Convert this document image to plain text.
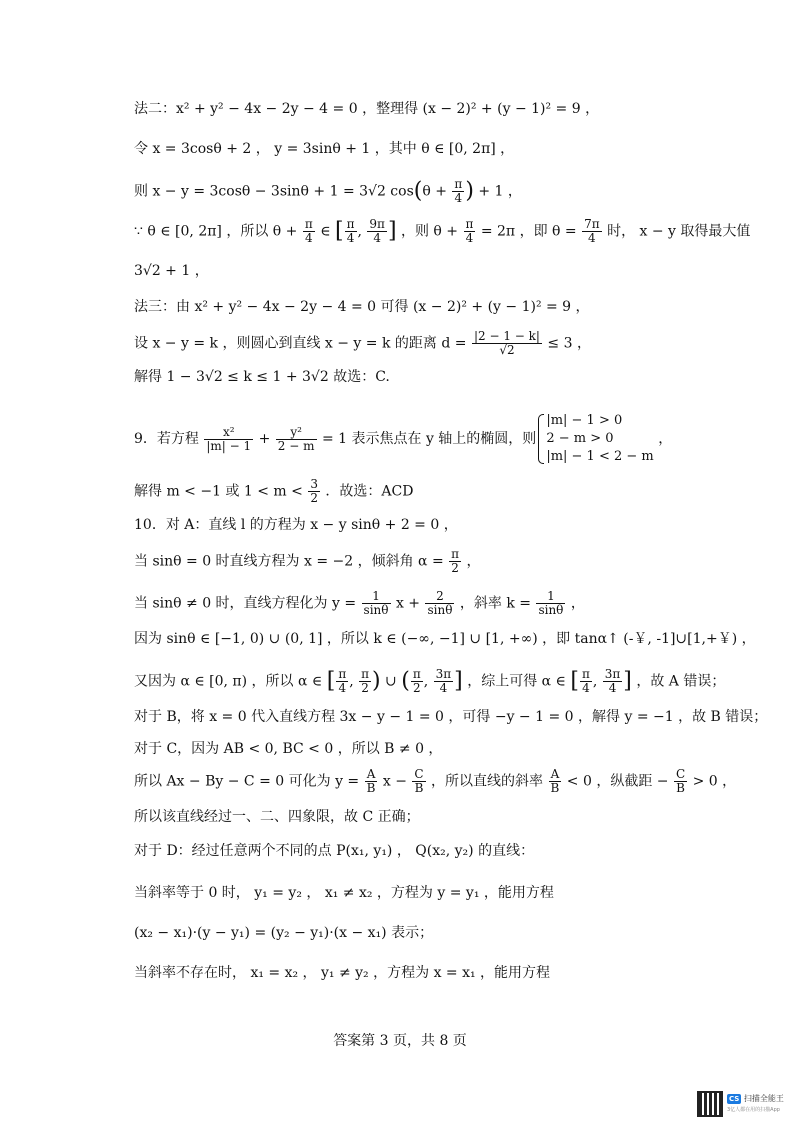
法二：x² + y² − 4x − 2y − 4 = 0 ，整理得 (x − 2)² + (y − 1)² = 9 ，
令 x = 3cosθ + 2 ， y = 3sinθ + 1 ，其中 θ ∈ [0, 2π] ，
则 x − y = 3cosθ − 3sinθ + 1 = 3√2 $\cos(\theta + \frac{\pi}{4}$ ) + 1 ，
∵ θ ∈ [0, 2π] ，所以 $\theta + \frac{\pi}{4}$ ∈ [ $\frac{\pi}{4}$ , $\frac{9\pi}{4}$ ] ，则 $\theta + \frac{\pi}{4} = 2\pi$ ，即 $\theta = \frac{7\pi}{4}$ 时， x − y 取得最大值
3√2 + 1 ，
法三：由 x² + y² − 4x − 2y − 4 = 0 可得 (x − 2)² + (y − 1)² = 9 ，
设 x − y = k ，则圆心到直线 x − y = k 的距离 $d = \frac{|2 - 1 - k|}{√2} \le 3$ ，
解得 1 − 3√2 ≤ k ≤ 1 + 3√2 故选：C.
9．若方程 $\frac{\text{x²}}{|m| - 1} + \frac{\text{y²}}{2 - m} = 1$ 表示焦点在 y 轴上的椭圆，则
|m| − 1 > 0
2 − m > 0
|m| − 1 < 2 − m
，
解得 m < −1 或 $1 < m < \frac{3}{2}$ ．故选：ACD
10．对 A：直线 l 的方程为 x − y sinθ + 2 = 0 ，
当 sinθ = 0 时直线方程为 x = −2 ，倾斜角 $\alpha = \frac{\pi}{2}$ ，
当 sinθ ≠ 0 时，直线方程化为 $y = \frac{1}{\sin\theta}$ $x + \frac{2}{\sin\theta}$ ，斜率 $k = \frac{1}{\sin\theta}$ ，
因为 sinθ ∈ [−1, 0) ∪ (0, 1] ，所以 k ∈ (−∞, −1] ∪ [1, +∞) ，即 tanα↑ (-￥, -1]∪[1,+￥) ，
又因为 α ∈ [0, π) ，所以 α ∈ [ $\frac{\pi}{4}$ , $\frac{\pi}{2}$ ) ∪ ( $\frac{\pi}{2}$ , $\frac{3\pi}{4}$ ] ，综上可得 α ∈ [ $\frac{\pi}{4}$ , $\frac{3\pi}{4}$ ] ，故 A 错误；
对于 B，将 x = 0 代入直线方程 3x − y − 1 = 0 ，可得 −y − 1 = 0 ，解得 y = −1 ，故 B 错误；
对于 C，因为 AB < 0, BC < 0 ，所以 B ≠ 0 ，
所以 Ax − By − C = 0 可化为 $y = \frac{A}{B}$ $x - \frac{C}{B}$ ，所以直线的斜率 $\frac{A}{B} < 0$ ，纵截距 − $\frac{C}{B} > 0$ ，
所以该直线经过一、二、四象限，故 C 正确；
对于 D：经过任意两个不同的点 P(x₁, y₁) ， Q(x₂, y₂) 的直线：
当斜率等于 0 时， y₁ = y₂ ， x₁ ≠ x₂ ，方程为 y = y₁ ，能用方程
(x₂ − x₁)·(y − y₁) = (y₂ − y₁)·(x − x₁) 表示；
当斜率不存在时， x₁ = x₂ ， y₁ ≠ y₂ ，方程为 x = x₁ ，能用方程
答案第 3 页，共 8 页
CS 扫描全能王
3亿人都在用的扫描App
